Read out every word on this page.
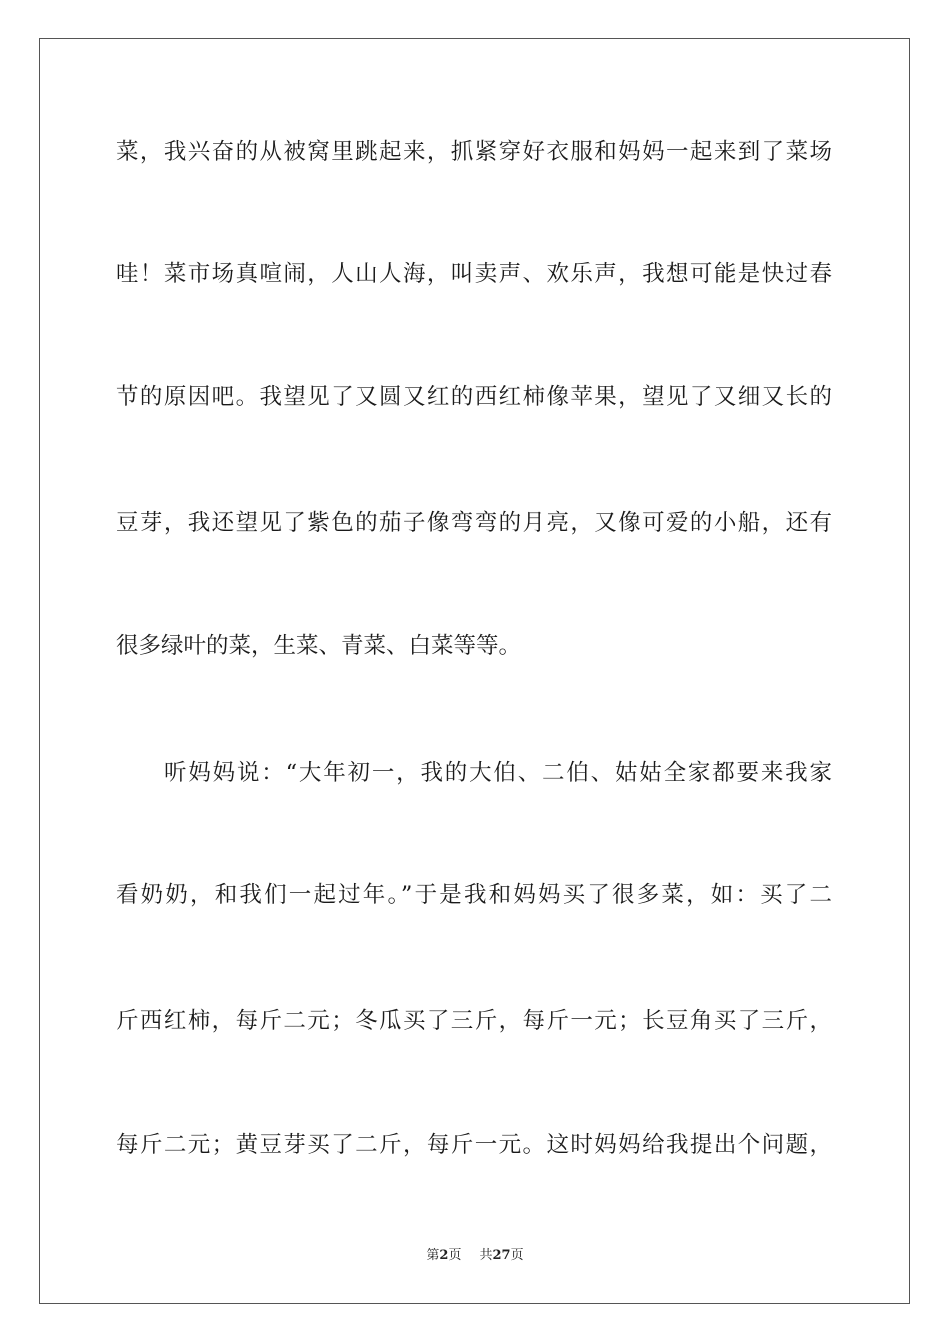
菜，我兴奋的从被窝里跳起来，抓紧穿好衣服和妈妈一起来到了菜场
哇！菜市场真喧闹，人山人海，叫卖声、欢乐声，我想可能是快过春
节的原因吧。我望见了又圆又红的西红柿像苹果，望见了又细又长的
豆芽，我还望见了紫色的茄子像弯弯的月亮，又像可爱的小船，还有
很多绿叶的菜，生菜、青菜、白菜等等。
听妈妈说：“大年初一，我的大伯、二伯、姑姑全家都要来我家
看奶奶，和我们一起过年。”于是我和妈妈买了很多菜，如：买了二
斤西红柿，每斤二元；冬瓜买了三斤，每斤一元；长豆角买了三斤，
每斤二元；黄豆芽买了二斤，每斤一元。这时妈妈给我提出个问题，
第2页 共27页
